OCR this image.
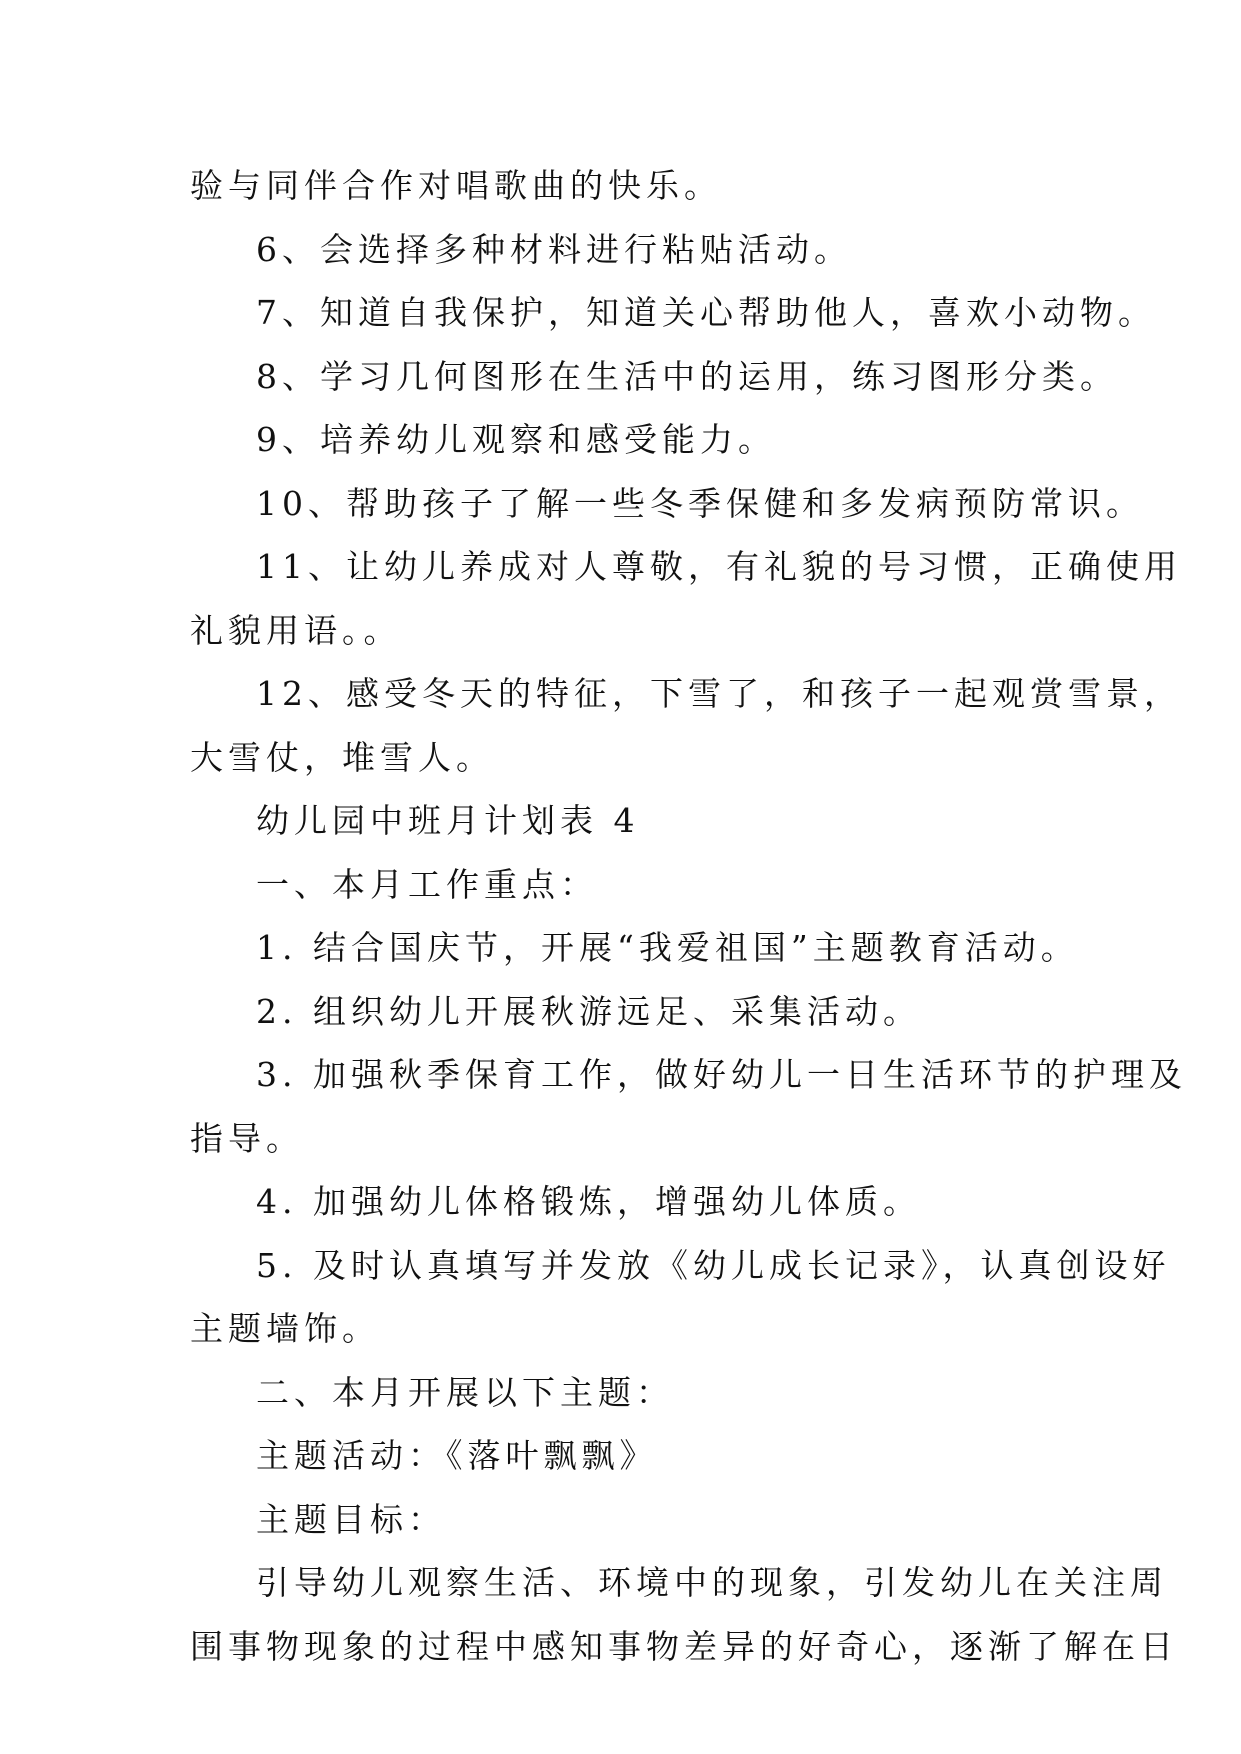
验与同伴合作对唱歌曲的快乐。

6、会选择多种材料进行粘贴活动。

7、知道自我保护，知道关心帮助他人，喜欢小动物。

8、学习几何图形在生活中的运用，练习图形分类。

9、培养幼儿观察和感受能力。

10、帮助孩子了解一些冬季保健和多发病预防常识。

11、让幼儿养成对人尊敬，有礼貌的号习惯，正确使用

礼貌用语。。

12、感受冬天的特征，下雪了，和孩子一起观赏雪景，

大雪仗，堆雪人。

幼儿园中班月计划表 4

一、本月工作重点：

1. 结合国庆节，开展“我爱祖国”主题教育活动。

2. 组织幼儿开展秋游远足、采集活动。

3. 加强秋季保育工作，做好幼儿一日生活环节的护理及

指导。

4. 加强幼儿体格锻炼，增强幼儿体质。

5. 及时认真填写并发放《幼儿成长记录》，认真创设好

主题墙饰。

二、本月开展以下主题：

主题活动：《落叶飘飘》

主题目标：

引导幼儿观察生活、环境中的现象，引发幼儿在关注周

围事物现象的过程中感知事物差异的好奇心，逐渐了解在日
